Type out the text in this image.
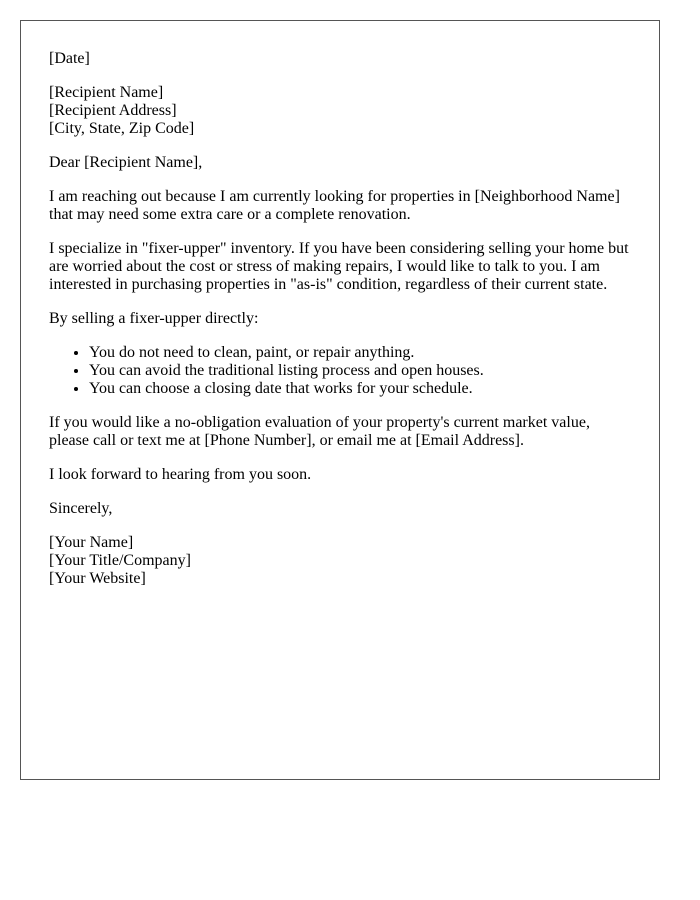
[Date]

[Recipient Name]
[Recipient Address]
[City, State, Zip Code]

Dear [Recipient Name],

I am reaching out because I am currently looking for properties in [Neighborhood Name] that may need some extra care or a complete renovation.

I specialize in "fixer-upper" inventory. If you have been considering selling your home but are worried about the cost or stress of making repairs, I would like to talk to you. I am interested in purchasing properties in "as-is" condition, regardless of their current state.

By selling a fixer-upper directly:

• You do not need to clean, paint, or repair anything.
• You can avoid the traditional listing process and open houses.
• You can choose a closing date that works for your schedule.

If you would like a no-obligation evaluation of your property's current market value, please call or text me at [Phone Number], or email me at [Email Address].

I look forward to hearing from you soon.

Sincerely,

[Your Name]
[Your Title/Company]
[Your Website]
